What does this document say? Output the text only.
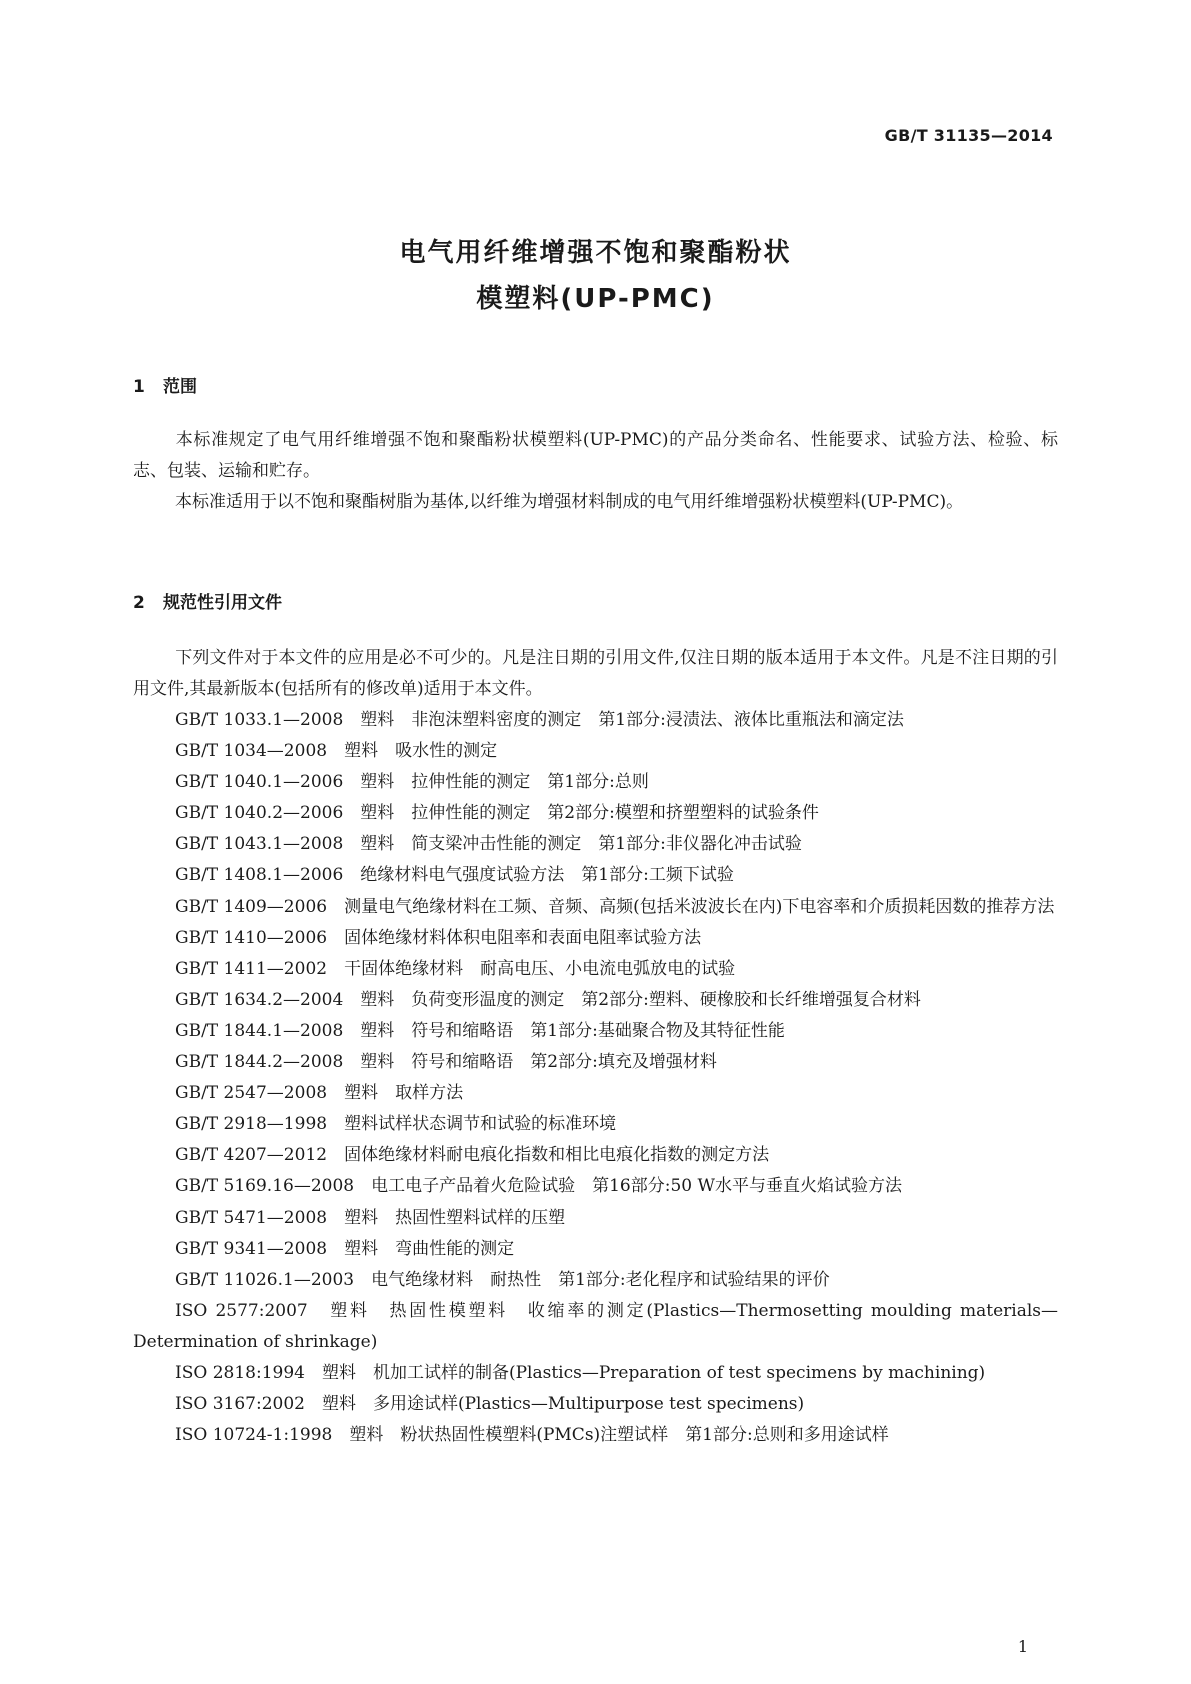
GB/T 31135—2014
电气用纤维增强不饱和聚酯粉状
模塑料(UP-PMC)
1 范围
本标准规定了电气用纤维增强不饱和聚酯粉状模塑料(UP-PMC)的产品分类命名、性能要求、试验方法、检验、标志、包装、运输和贮存。
本标准适用于以不饱和聚酯树脂为基体,以纤维为增强材料制成的电气用纤维增强粉状模塑料(UP-PMC)。
2 规范性引用文件
下列文件对于本文件的应用是必不可少的。凡是注日期的引用文件,仅注日期的版本适用于本文件。凡是不注日期的引用文件,其最新版本(包括所有的修改单)适用于本文件。
GB/T 1033.1—2008　塑料　非泡沫塑料密度的测定　第1部分:浸渍法、液体比重瓶法和滴定法
GB/T 1034—2008　塑料　吸水性的测定
GB/T 1040.1—2006　塑料　拉伸性能的测定　第1部分:总则
GB/T 1040.2—2006　塑料　拉伸性能的测定　第2部分:模塑和挤塑塑料的试验条件
GB/T 1043.1—2008　塑料　简支梁冲击性能的测定　第1部分:非仪器化冲击试验
GB/T 1408.1—2006　绝缘材料电气强度试验方法　第1部分:工频下试验
GB/T 1409—2006　测量电气绝缘材料在工频、音频、高频(包括米波波长在内)下电容率和介质损耗因数的推荐方法
GB/T 1410—2006　固体绝缘材料体积电阻率和表面电阻率试验方法
GB/T 1411—2002　干固体绝缘材料　耐高电压、小电流电弧放电的试验
GB/T 1634.2—2004　塑料　负荷变形温度的测定　第2部分:塑料、硬橡胶和长纤维增强复合材料
GB/T 1844.1—2008　塑料　符号和缩略语　第1部分:基础聚合物及其特征性能
GB/T 1844.2—2008　塑料　符号和缩略语　第2部分:填充及增强材料
GB/T 2547—2008　塑料　取样方法
GB/T 2918—1998　塑料试样状态调节和试验的标准环境
GB/T 4207—2012　固体绝缘材料耐电痕化指数和相比电痕化指数的测定方法
GB/T 5169.16—2008　电工电子产品着火危险试验　第16部分:50 W水平与垂直火焰试验方法
GB/T 5471—2008　塑料　热固性塑料试样的压塑
GB/T 9341—2008　塑料　弯曲性能的测定
GB/T 11026.1—2003　电气绝缘材料　耐热性　第1部分:老化程序和试验结果的评价
ISO 2577:2007　塑料　热固性模塑料　收缩率的测定(Plastics—Thermosetting moulding materials—Determination of shrinkage)
ISO 2818:1994　塑料　机加工试样的制备(Plastics—Preparation of test specimens by machining)
ISO 3167:2002　塑料　多用途试样(Plastics—Multipurpose test specimens)
ISO 10724-1:1998　塑料　粉状热固性模塑料(PMCs)注塑试样　第1部分:总则和多用途试样
1
